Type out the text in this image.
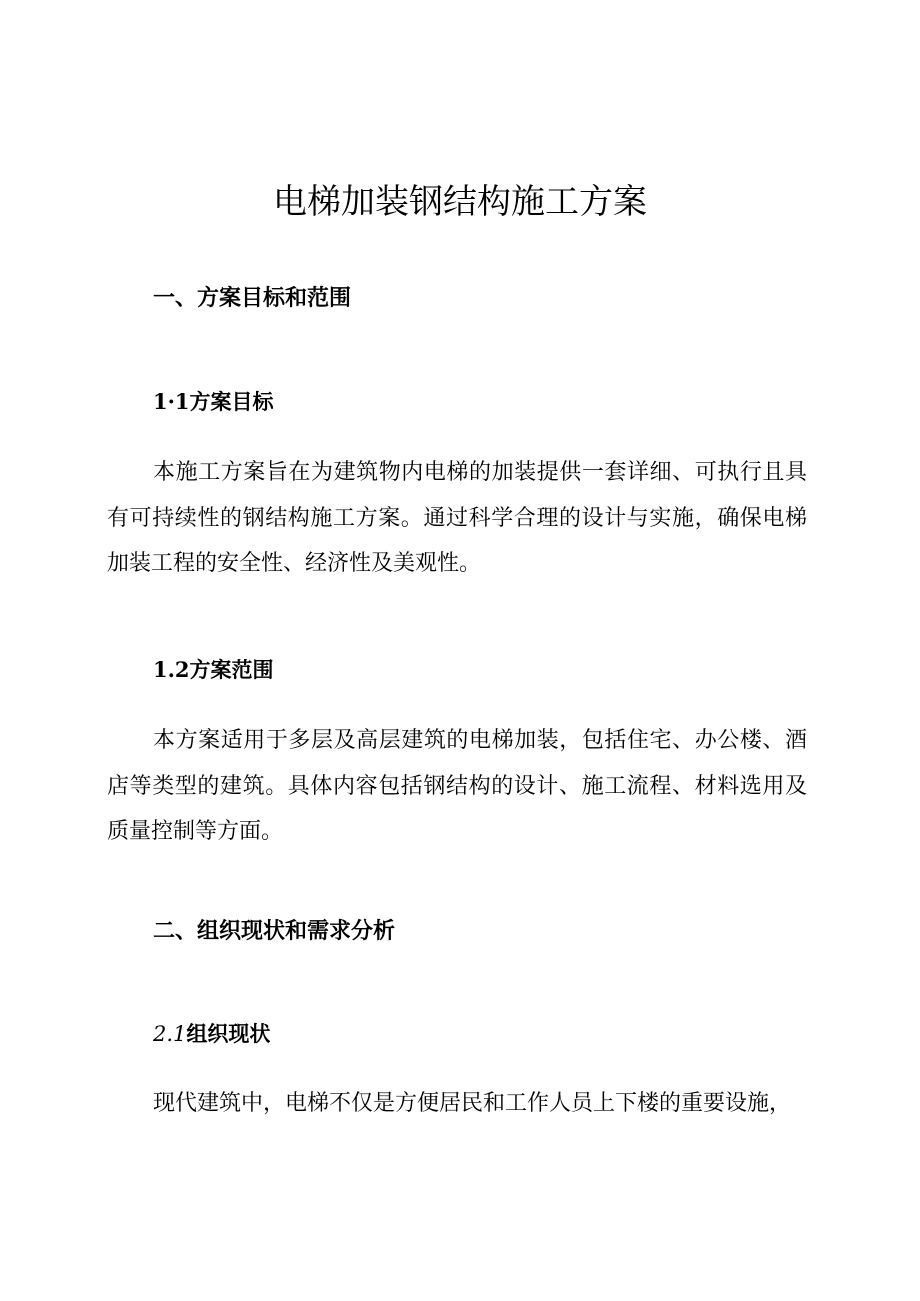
电梯加装钢结构施工方案
一、方案目标和范围
1·1方案目标

本施工方案旨在为建筑物内电梯的加装提供一套详细、可执行且具有可持续性的钢结构施工方案。通过科学合理的设计与实施，确保电梯加装工程的安全性、经济性及美观性。

1.2方案范围

本方案适用于多层及高层建筑的电梯加装，包括住宅、办公楼、酒店等类型的建筑。具体内容包括钢结构的设计、施工流程、材料选用及质量控制等方面。

二、组织现状和需求分析
2.1组织现状

现代建筑中，电梯不仅是方便居民和工作人员上下楼的重要设施，
